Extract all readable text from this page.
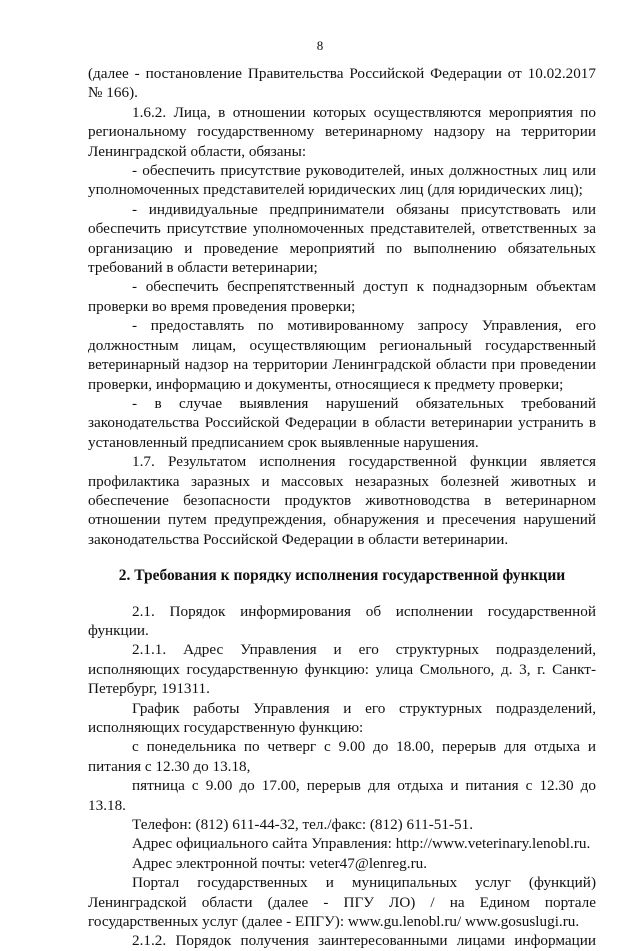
8

(далее - постановление Правительства Российской Федерации от 10.02.2017 № 166).

1.6.2. Лица, в отношении которых осуществляются мероприятия по региональному государственному ветеринарному надзору на территории Ленинградской области, обязаны:

- обеспечить присутствие руководителей, иных должностных лиц или уполномоченных представителей юридических лиц (для юридических лиц);

- индивидуальные предприниматели обязаны присутствовать или обеспечить присутствие уполномоченных представителей, ответственных за организацию и проведение мероприятий по выполнению обязательных требований в области ветеринарии;

- обеспечить беспрепятственный доступ к поднадзорным объектам проверки во время проведения проверки;

- предоставлять по мотивированному запросу Управления, его должностным лицам, осуществляющим региональный государственный ветеринарный надзор на территории Ленинградской области при проведении проверки, информацию и документы, относящиеся к предмету проверки;

- в случае выявления нарушений обязательных требований законодательства Российской Федерации в области ветеринарии устранить в установленный предписанием срок выявленные нарушения.

1.7. Результатом исполнения государственной функции является профилактика заразных и массовых незаразных болезней животных и обеспечение безопасности продуктов животноводства в ветеринарном отношении путем предупреждения, обнаружения и пресечения нарушений законодательства Российской Федерации в области ветеринарии.

2. Требования к порядку исполнения государственной функции

2.1. Порядок информирования об исполнении государственной функции.

2.1.1. Адрес Управления и его структурных подразделений, исполняющих государственную функцию: улица Смольного, д. 3, г. Санкт-Петербург, 191311.

График работы Управления и его структурных подразделений, исполняющих государственную функцию:

с понедельника по четверг с 9.00 до 18.00, перерыв для отдыха и питания с 12.30 до 13.18,

пятница с 9.00 до 17.00, перерыв для отдыха и питания с 12.30 до 13.18.

Телефон: (812) 611-44-32, тел./факс: (812) 611-51-51.

Адрес официального сайта Управления: http://www.veterinary.lenobl.ru.

Адрес электронной почты: veter47@lenreg.ru.

Портал государственных и муниципальных услуг (функций) Ленинградской области (далее - ПГУ ЛО) / на Едином портале государственных услуг (далее - ЕПГУ): www.gu.lenobl.ru/ www.gosuslugi.ru.

2.1.2. Порядок получения заинтересованными лицами информации
